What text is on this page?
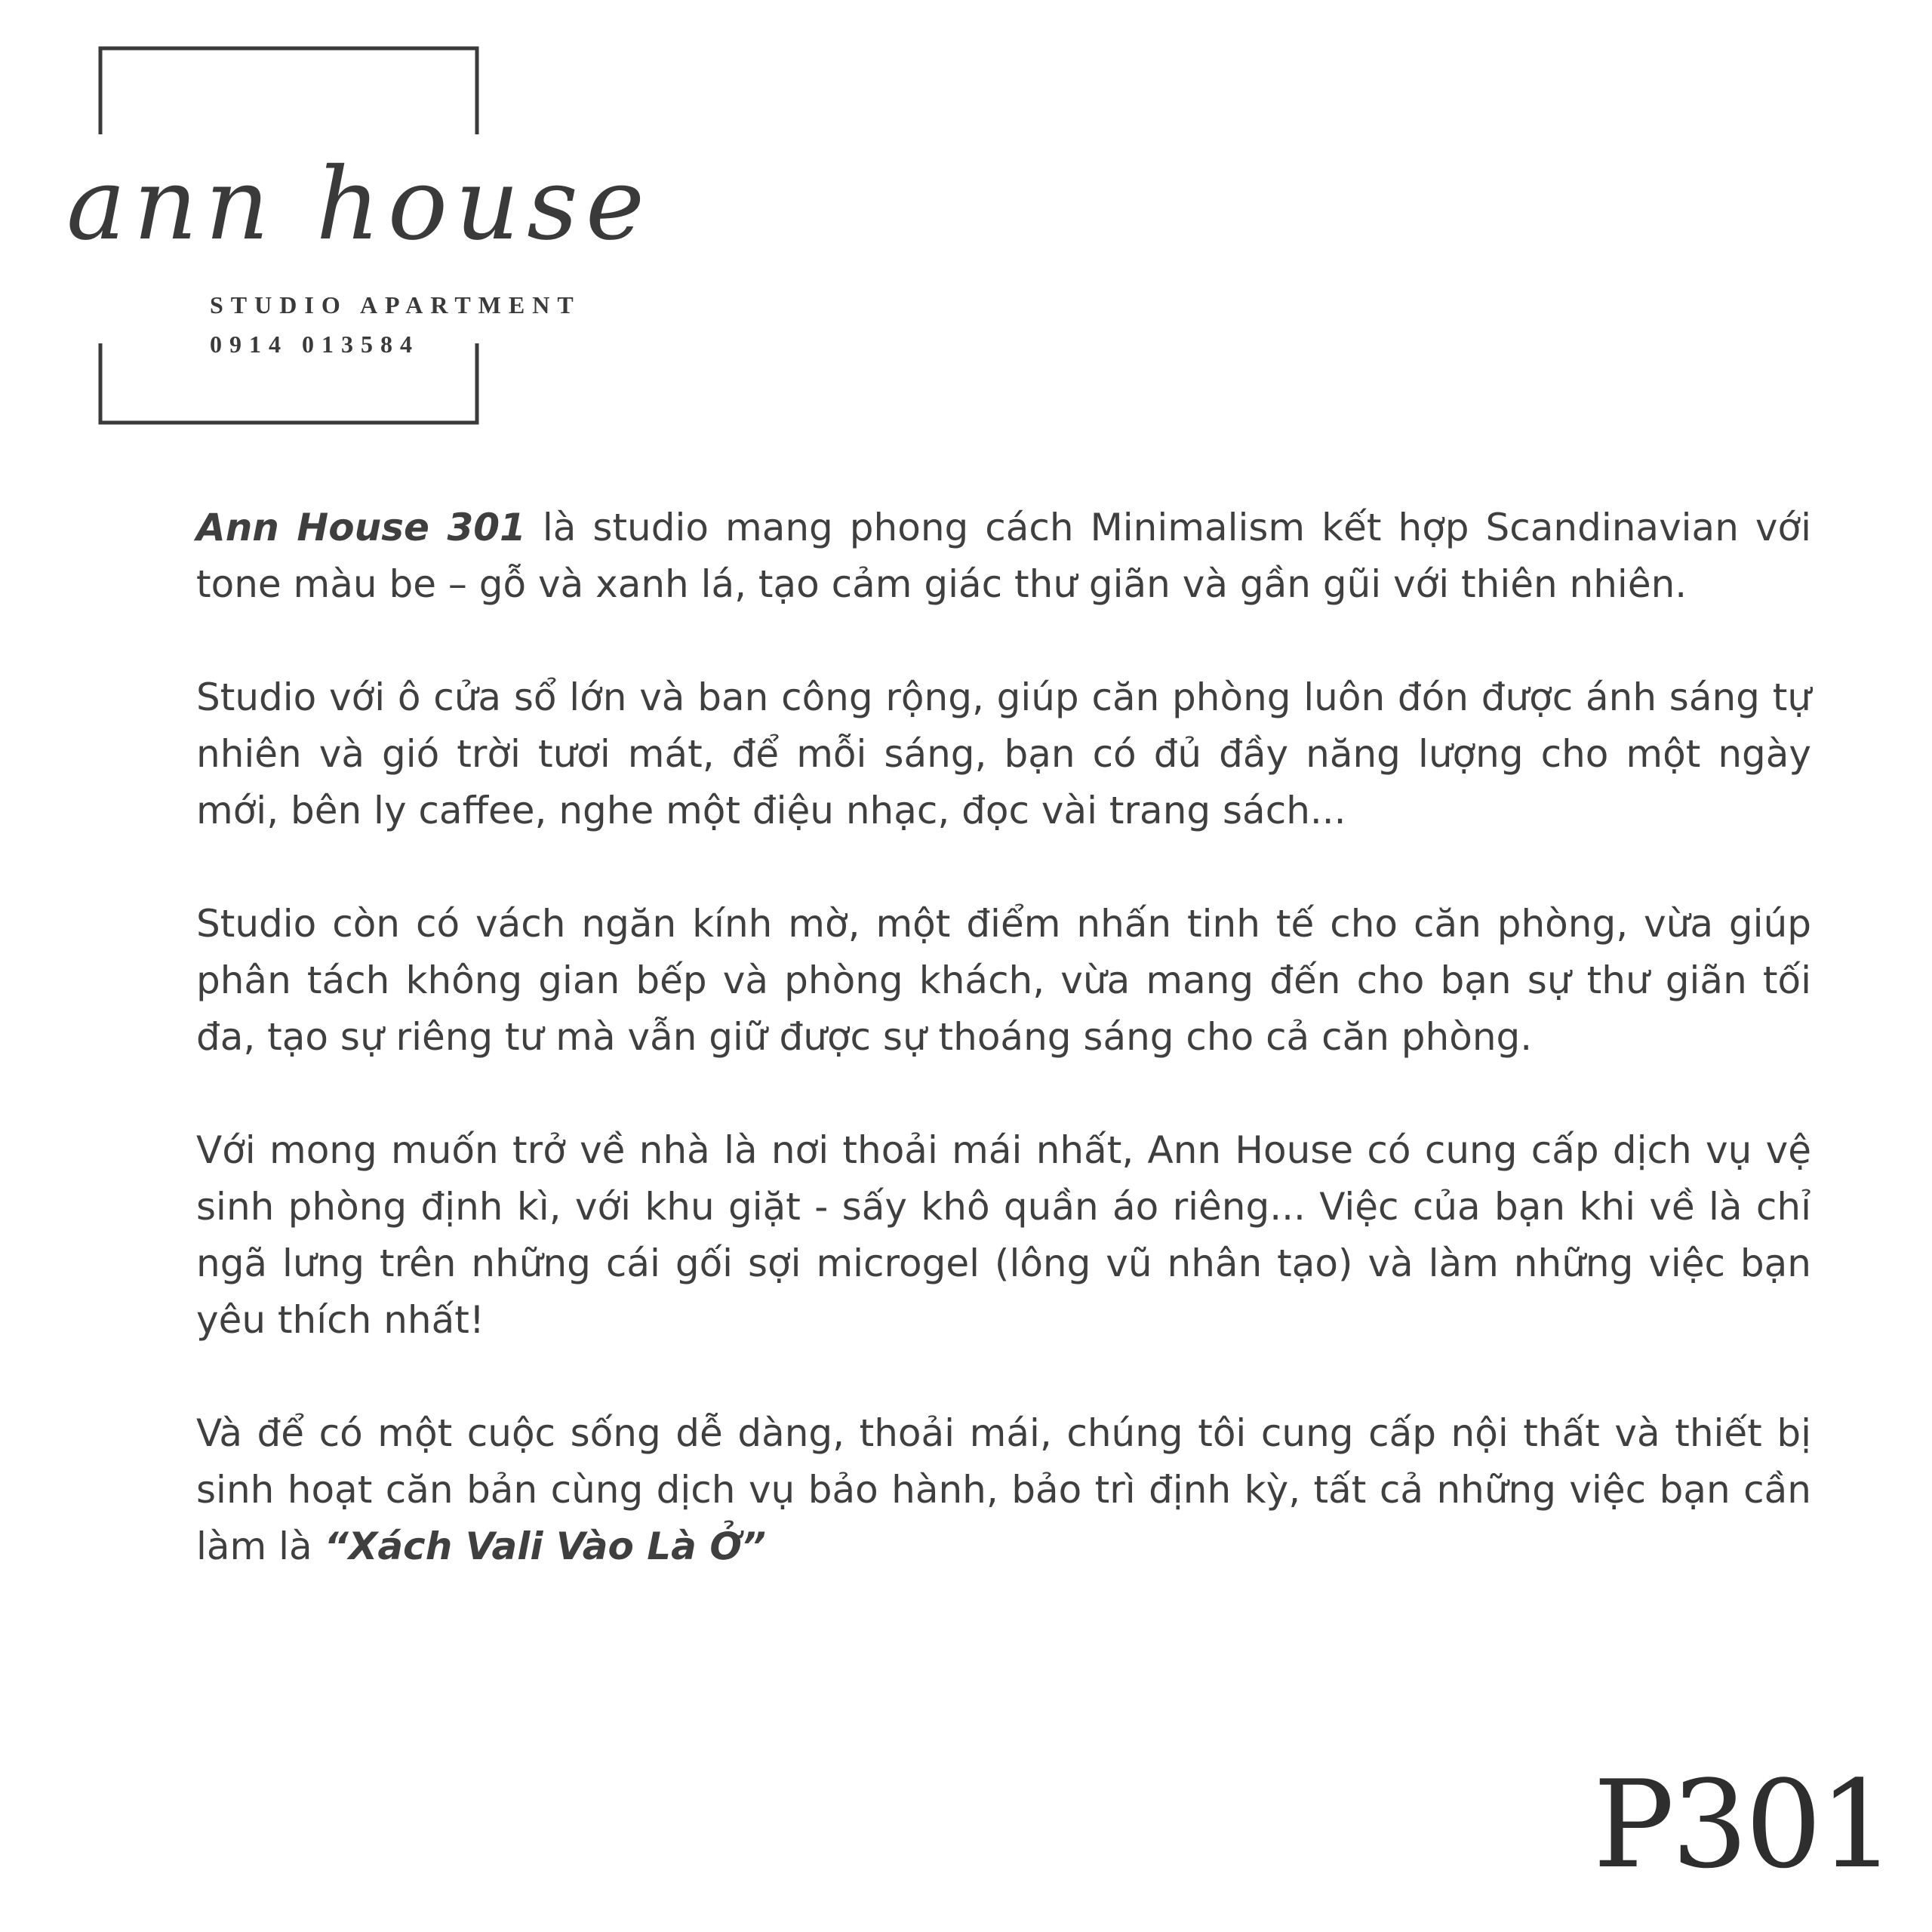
ann house
STUDIO APARTMENT
0914 013584

Ann House 301 là studio mang phong cách Minimalism kết hợp Scandinavian với tone màu be – gỗ và xanh lá, tạo cảm giác thư giãn và gần gũi với thiên nhiên.

Studio với ô cửa sổ lớn và ban công rộng, giúp căn phòng luôn đón được ánh sáng tự nhiên và gió trời tươi mát, để mỗi sáng, bạn có đủ đầy năng lượng cho một ngày mới, bên ly caffee, nghe một điệu nhạc, đọc vài trang sách...

Studio còn có vách ngăn kính mờ, một điểm nhấn tinh tế cho căn phòng, vừa giúp phân tách không gian bếp và phòng khách, vừa mang đến cho bạn sự thư giãn tối đa, tạo sự riêng tư mà vẫn giữ được sự thoáng sáng cho cả căn phòng.

Với mong muốn trở về nhà là nơi thoải mái nhất, Ann House có cung cấp dịch vụ vệ sinh phòng định kì, với khu giặt - sấy khô quần áo riêng... Việc của bạn khi về là chỉ ngã lưng trên những cái gối sợi microgel (lông vũ nhân tạo) và làm những việc bạn yêu thích nhất!

Và để có một cuộc sống dễ dàng, thoải mái, chúng tôi cung cấp nội thất và thiết bị sinh hoạt căn bản cùng dịch vụ bảo hành, bảo trì định kỳ, tất cả những việc bạn cần làm là “Xách Vali Vào Là Ở”

P301
